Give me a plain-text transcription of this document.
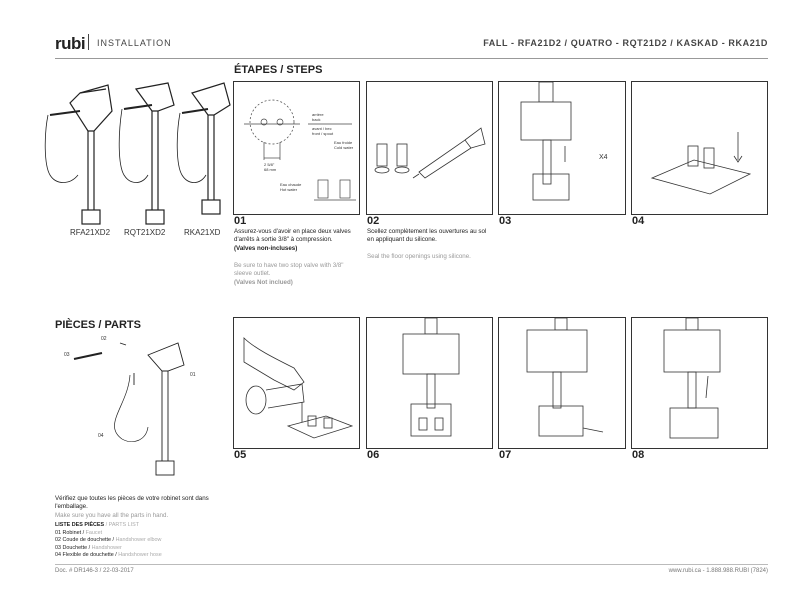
rubi INSTALLATION	FALL - RFA21D2 / QUATRO - RQT21D2 / KASKAD - RKA21D
RFA21XD2 RQT21XD2 RKA21XD
ÉTAPES / STEPS
arrière
back
avant / bec
front / spout
2 5/8"
68 mm
Eau froide
Cold water
Eau chaude
Hot water
X4
01	02	03	04
Assurez-vous d'avoir en place deux valves d'arrêts à sortie 3/8" à compression.
(Valves non-incluses)
Be sure to have two stop valve with 3/8" sleeve outlet.
(Valves Not inclued)
Scellez complètement les ouvertures au sol en appliquant du silicone.
Seal the floor openings using silicone.
PIÈCES / PARTS
02
03
01
04
05	06	07	08
Vérifiez que toutes les pièces de votre robinet sont dans l'emballage.
Make sure you have all the parts in hand.
LISTE DES PIÈCES / PARTS LIST
01 Robinet / Faucet
02 Coude de douchette / Handshower elbow
03 Douchette / Handshower
04 Flexible de douchette / Handshower hose
Doc. # DR146-3 / 22-03-2017	www.rubi.ca - 1.888.988.RUBI (7824)
